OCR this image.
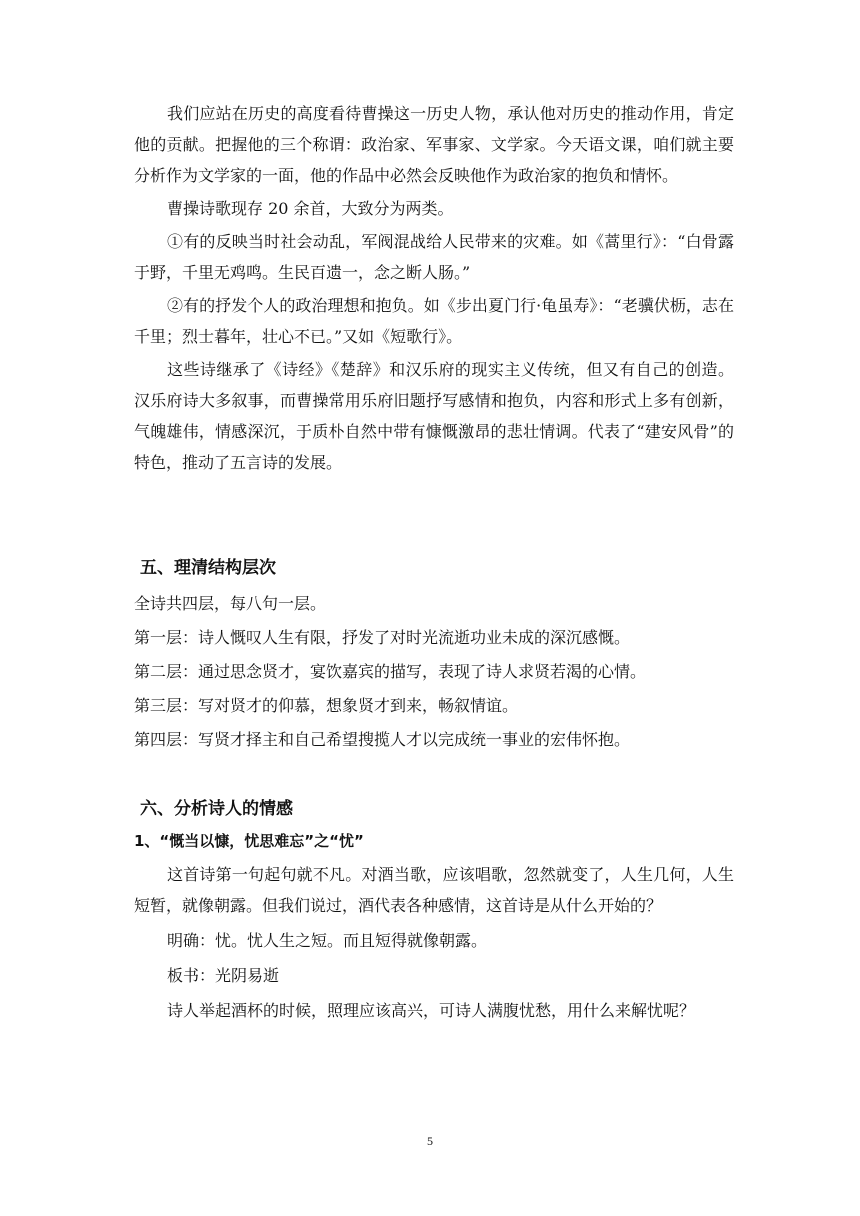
我们应站在历史的高度看待曹操这一历史人物，承认他对历史的推动作用，肯定他的贡献。把握他的三个称谓：政治家、军事家、文学家。今天语文课，咱们就主要分析作为文学家的一面，他的作品中必然会反映他作为政治家的抱负和情怀。

曹操诗歌现存 20 余首，大致分为两类。

①有的反映当时社会动乱，军阀混战给人民带来的灾难。如《蒿里行》：“白骨露于野，千里无鸡鸣。生民百遗一，念之断人肠。”

②有的抒发个人的政治理想和抱负。如《步出夏门行·龟虽寿》：“老骥伏枥，志在千里；烈士暮年，壮心不已。”又如《短歌行》。

这些诗继承了《诗经》《楚辞》和汉乐府的现实主义传统，但又有自己的创造。汉乐府诗大多叙事，而曹操常用乐府旧题抒写感情和抱负，内容和形式上多有创新，气魄雄伟，情感深沉，于质朴自然中带有慷慨激昂的悲壮情调。代表了“建安风骨”的特色，推动了五言诗的发展。

五、理清结构层次

全诗共四层，每八句一层。

第一层：诗人慨叹人生有限，抒发了对时光流逝功业未成的深沉感慨。

第二层：通过思念贤才，宴饮嘉宾的描写，表现了诗人求贤若渴的心情。

第三层：写对贤才的仰慕，想象贤才到来，畅叙情谊。

第四层：写贤才择主和自己希望搜揽人才以完成统一事业的宏伟怀抱。

六、分析诗人的情感
1、“慨当以慷，忧思难忘”之“忧”

这首诗第一句起句就不凡。对酒当歌，应该唱歌，忽然就变了，人生几何，人生短暂，就像朝露。但我们说过，酒代表各种感情，这首诗是从什么开始的？

明确：忧。忧人生之短。而且短得就像朝露。

板书：光阴易逝

诗人举起酒杯的时候，照理应该高兴，可诗人满腹忧愁，用什么来解忧呢？

5
